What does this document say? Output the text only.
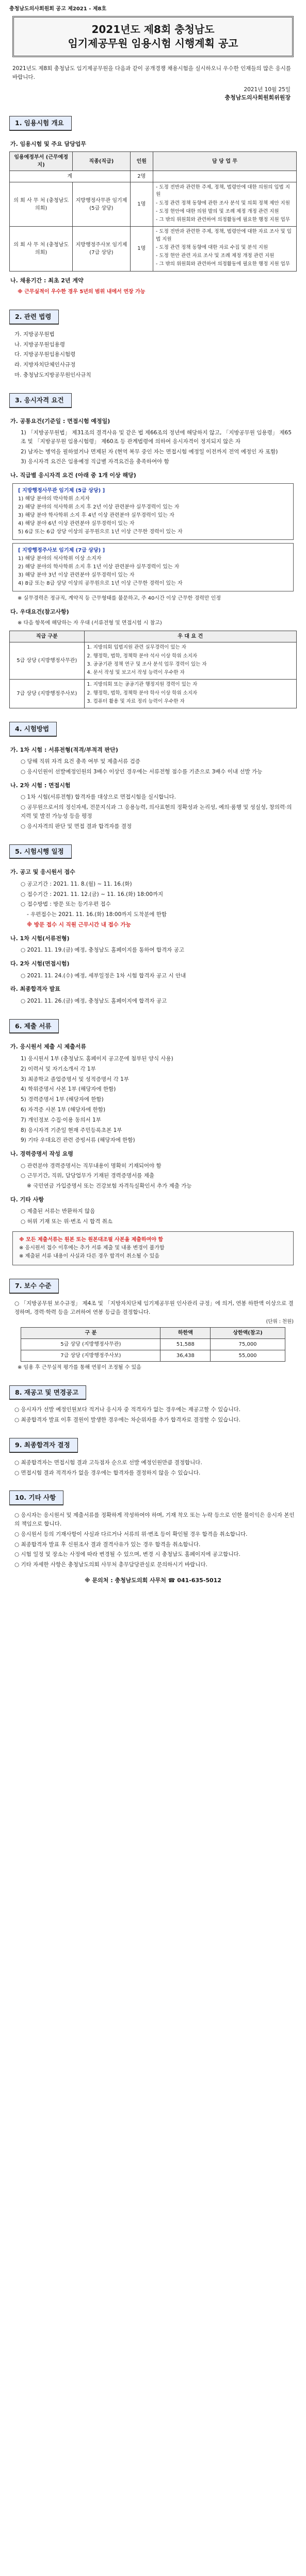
충청남도의사회원회 공고 제2021 - 제8호
2021년도 제8회 충청남도
임기제공무원 임용시험 시행계획 공고
2021년도 제8회 충청남도 임기제공무원을 다음과 같이 공개경쟁 채용시험을 실시하오니 우수한 인재들의 많은 응시를 바랍니다.
2021년 10월 25일
충청남도의사회원회위원장
1. 임용시험 개요
가. 임용시험 및 주요 담당업무
임용예정부서 (근무예정지)	직종(직급)	인원	담 당 업 무
계		2명	
의 회 사 무 처 (충청남도의회)	지방행정사무관 임기제(5급 상당)	1명	- 도정 전반과 관련한 주제, 정책, 법령안에 대한 의원의 입법 지원
- 도정 관련 정책 동향에 관한 조사 분석 및 의회 정책 제안 지원
- 도정 현안에 대한 의원 발의 및 조례 제정 개정 관련 지원
- 그 밖의 위원회와 관련하여 의정활동에 필요한 행정 지원 업무

의 회 사 무 처 (충청남도의회)	지방행정주사보 임기제(7급 상당)	1명	- 도정 전반과 관련한 주제, 정책, 법령안에 대한 자료 조사 및 입법 지원
- 도정 관련 정책 동향에 대한 자료 수집 및 분석 지원
- 도정 현안 관련 자료 조사 및 조례 제정 개정 관련 지원
- 그 밖의 위원회와 관련하여 의정활동에 필요한 행정 지원 업무
나. 채용기간 : 최초 2년 계약
※ 근무실적이 우수한 경우 5년의 범위 내에서 연장 가능
2. 관련 법령
가. 지방공무원법
나. 지방공무원임용령
다. 지방공무원임용시험령
라. 지방자치단체인사규정
마. 충청남도지방공무원인사규칙
3. 응시자격 요건
가. 공통요건(기준일 : 면접시험 예정일)
1) 「지방공무원법」 제31조의 결격사유 및 같은 법 제66조의 정년에 해당하지 않고, 「지방공무원 임용령」 제65조 및 「지방공무원 임용시험령」 제60조 등 관계법령에 의하여 응시자격이 정지되지 않은 자
2) 남자는 병역을 필하였거나 면제된 자 (현역 복무 중인 자는 면접시험 예정일 이전까지 전역 예정인 자 포함)
3) 응시자격 요건은 임용예정 직급별 자격요건을 충족하여야 함
나. 직급별 응시자격 요건 (아래 중 1개 이상 해당)
[ 지방행정사무관 임기제 (5급 상당) ]
1) 해당 분야의 박사학위 소지자
2) 해당 분야의 석사학위 소지 후 2년 이상 관련분야 실무경력이 있는 자
3) 해당 분야 학사학위 소지 후 4년 이상 관련분야 실무경력이 있는 자
4) 해당 분야 6년 이상 관련분야 실무경력이 있는 자
5) 6급 또는 6급 상당 이상의 공무원으로 1년 이상 근무한 경력이 있는 자
[ 지방행정주사보 임기제 (7급 상당) ]
1) 해당 분야의 석사학위 이상 소지자
2) 해당 분야의 학사학위 소지 후 1년 이상 관련분야 실무경력이 있는 자
3) 해당 분야 3년 이상 관련분야 실무경력이 있는 자
4) 8급 또는 8급 상당 이상의 공무원으로 1년 이상 근무한 경력이 있는 자
※ 실무경력은 정규직, 계약직 등 근무형태를 불문하고, 주 40시간 이상 근무한 경력만 인정
다. 우대요건(참고사항)
※ 다음 항목에 해당하는 자 우대 (서류전형 및 면접시험 시 참고)
직급 구분	우 대 요 건
5급 상당 (지방행정사무관)	1. 지방의회 입법지원 관련 실무경력이 있는 자
2. 행정학, 법학, 정책학 분야 석사 이상 학위 소지자
3. 공공기관 정책 연구 및 조사 분석 업무 경력이 있는 자
4. 문서 작성 및 보고서 작성 능력이 우수한 자

7급 상당 (지방행정주사보)	1. 지방의회 또는 공공기관 행정지원 경력이 있는 자
2. 행정학, 법학, 정책학 분야 학사 이상 학위 소지자
3. 컴퓨터 활용 및 자료 정리 능력이 우수한 자
4. 시험방법
가. 1차 시험 : 서류전형(적격/부적격 판단)
○ 당해 직위 자격 요건 충족 여부 및 제출서류 검증
○ 응시인원이 선발예정인원의 3배수 이상인 경우에는 서류전형 점수를 기준으로 3배수 이내 선발 가능
나. 2차 시험 : 면접시험
○ 1차 시험(서류전형) 합격자를 대상으로 면접시험을 실시합니다.
○ 공무원으로서의 정신자세, 전문지식과 그 응용능력, 의사표현의 정확성과 논리성, 예의·품행 및 성실성, 창의력·의지력 및 발전 가능성 등을 평정
○ 응시자격의 판단 및 면접 결과 합격자를 결정
5. 시험시행 일정
가. 공고 및 응시원서 접수
○ 공고기간 : 2021. 11. 8.(월) ~ 11. 16.(화)
○ 접수기간 : 2021. 11. 12.(금) ~ 11. 16.(화) 18:00까지
○ 접수방법 : 방문 또는 등기우편 접수
- 우편접수는 2021. 11. 16.(화) 18:00까지 도착분에 한함
※ 방문 접수 시 직원 근무시간 내 접수 가능
나. 1차 시험(서류전형)
○ 2021. 11. 19.(금) 예정, 충청남도 홈페이지를 통하여 합격자 공고
다. 2차 시험(면접시험)
○ 2021. 11. 24.(수) 예정, 세부일정은 1차 시험 합격자 공고 시 안내
라. 최종합격자 발표
○ 2021. 11. 26.(금) 예정, 충청남도 홈페이지에 합격자 공고
6. 제출 서류
가. 응시원서 제출 시 제출서류
1) 응시원서 1부 (충청남도 홈페이지 공고문에 첨부된 양식 사용)
2) 이력서 및 자기소개서 각 1부
3) 최종학교 졸업증명서 및 성적증명서 각 1부
4) 학위증명서 사본 1부 (해당자에 한함)
5) 경력증명서 1부 (해당자에 한함)
6) 자격증 사본 1부 (해당자에 한함)
7) 개인정보 수집·이용 동의서 1부
8) 응시자격 기준일 현재 주민등록초본 1부
9) 기타 우대요건 관련 증빙서류 (해당자에 한함)
나. 경력증명서 작성 요령
○ 관련분야 경력증명서는 직무내용이 명확히 기재되어야 함
○ 근무기간, 직위, 담당업무가 기재된 경력증명서를 제출
※ 국민연금 가입증명서 또는 건강보험 자격득실확인서 추가 제출 가능
다. 기타 사항
○ 제출된 서류는 반환하지 않음
○ 허위 기재 또는 위·변조 시 합격 취소
※ 모든 제출서류는 원본 또는 원본대조필 사본을 제출하여야 함
※ 응시원서 접수 이후에는 추가 서류 제출 및 내용 변경이 불가함
※ 제출된 서류 내용이 사실과 다른 경우 합격이 취소될 수 있음
7. 보수 수준
○ 「지방공무원 보수규정」 제4조 및 「지방자치단체 임기제공무원 인사관리 규정」에 의거, 연봉 하한액 이상으로 결정하며, 경력·학력 등을 고려하여 연봉 등급을 결정합니다.
(단위 : 천원)
구 분	하한액	상한액(참고)
5급 상당 (지방행정사무관)	51,588	75,000
7급 상당 (지방행정주사보)	36,438	55,000
※ 임용 후 근무실적 평가를 통해 연봉이 조정될 수 있음
8. 재공고 및 면경공고
○ 응시자가 선발 예정인원보다 적거나 응시자 중 적격자가 없는 경우에는 재공고할 수 있습니다.
○ 최종합격자 발표 이후 결원이 발생한 경우에는 차순위자를 추가 합격자로 결정할 수 있습니다.
9. 최종합격자 결정
○ 최종합격자는 면접시험 결과 고득점자 순으로 선발 예정인원만큼 결정합니다.
○ 면접시험 결과 적격자가 없을 경우에는 합격자를 결정하지 않을 수 있습니다.
10. 기타 사항
○ 응시자는 응시원서 및 제출서류를 정확하게 작성하여야 하며, 기재 착오 또는 누락 등으로 인한 불이익은 응시자 본인의 책임으로 합니다.
○ 응시원서 등의 기재사항이 사실과 다르거나 서류의 위·변조 등이 확인될 경우 합격을 취소합니다.
○ 최종합격자 발표 후 신원조사 결과 결격사유가 있는 경우 합격을 취소합니다.
○ 시험 일정 및 장소는 사정에 따라 변경될 수 있으며, 변경 시 충청남도 홈페이지에 공고합니다.
○ 기타 자세한 사항은 충청남도의회 사무처 총무담당관실로 문의하시기 바랍니다.
※ 문의처 : 충청남도의회 사무처 ☎ 041-635-5012
